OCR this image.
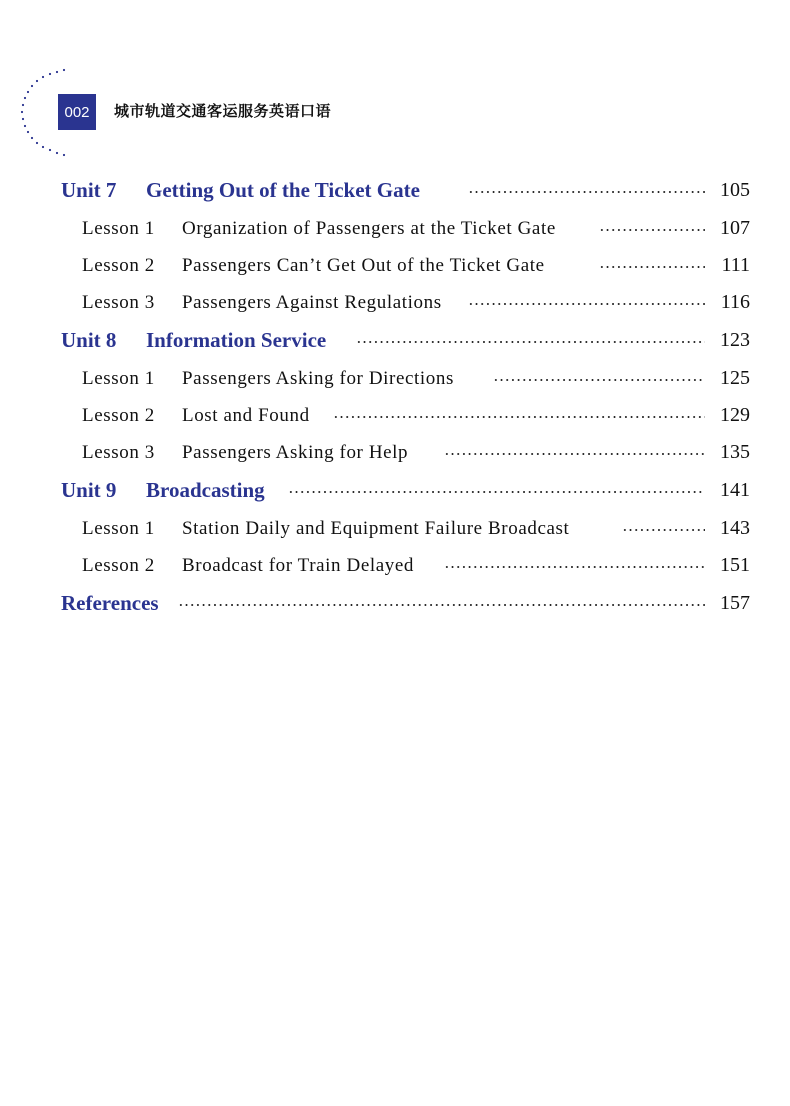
002 城市轨道交通客运服务英语口语
Unit 7	Getting Out of the Ticket Gate	105
Lesson 1	Organization of Passengers at the Ticket Gate	107
Lesson 2	Passengers Can’t Get Out of the Ticket Gate	111
Lesson 3	Passengers Against Regulations	116
Unit 8	Information Service	123
Lesson 1	Passengers Asking for Directions	125
Lesson 2	Lost and Found	129
Lesson 3	Passengers Asking for Help	135
Unit 9	Broadcasting	141
Lesson 1	Station Daily and Equipment Failure Broadcast	143
Lesson 2	Broadcast for Train Delayed	151
References	157
